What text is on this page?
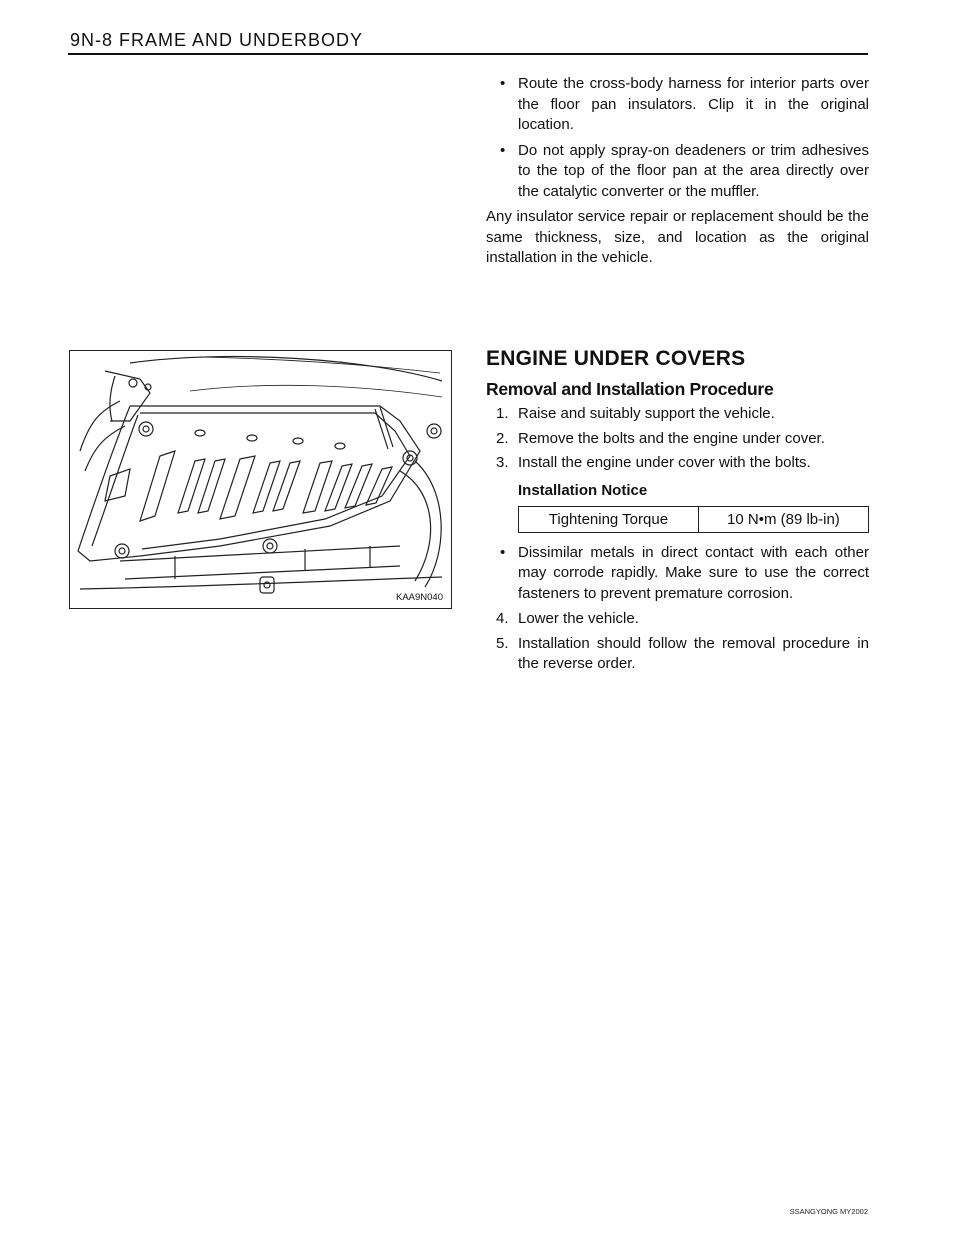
9N-8 FRAME AND UNDERBODY

• Route the cross-body harness for interior parts over the floor pan insulators. Clip it in the original location.

• Do not apply spray-on deadeners or trim adhesives to the top of the floor pan at the area directly over the catalytic converter or the muffler.

Any insulator service repair or replacement should be the same thickness, size, and location as the original installation in the vehicle.

KAA9N040

ENGINE UNDER COVERS

Removal and Installation Procedure

1. Raise and suitably support the vehicle.

2. Remove the bolts and the engine under cover.

3. Install the engine under cover with the bolts.

Installation Notice

Tightening Torque	10 N•m (89 lb-in)

• Dissimilar metals in direct contact with each other may corrode rapidly. Make sure to use the correct fasteners to prevent premature corrosion.

4. Lower the vehicle.

5. Installation should follow the removal procedure in the reverse order.

SSANGYONG MY2002
